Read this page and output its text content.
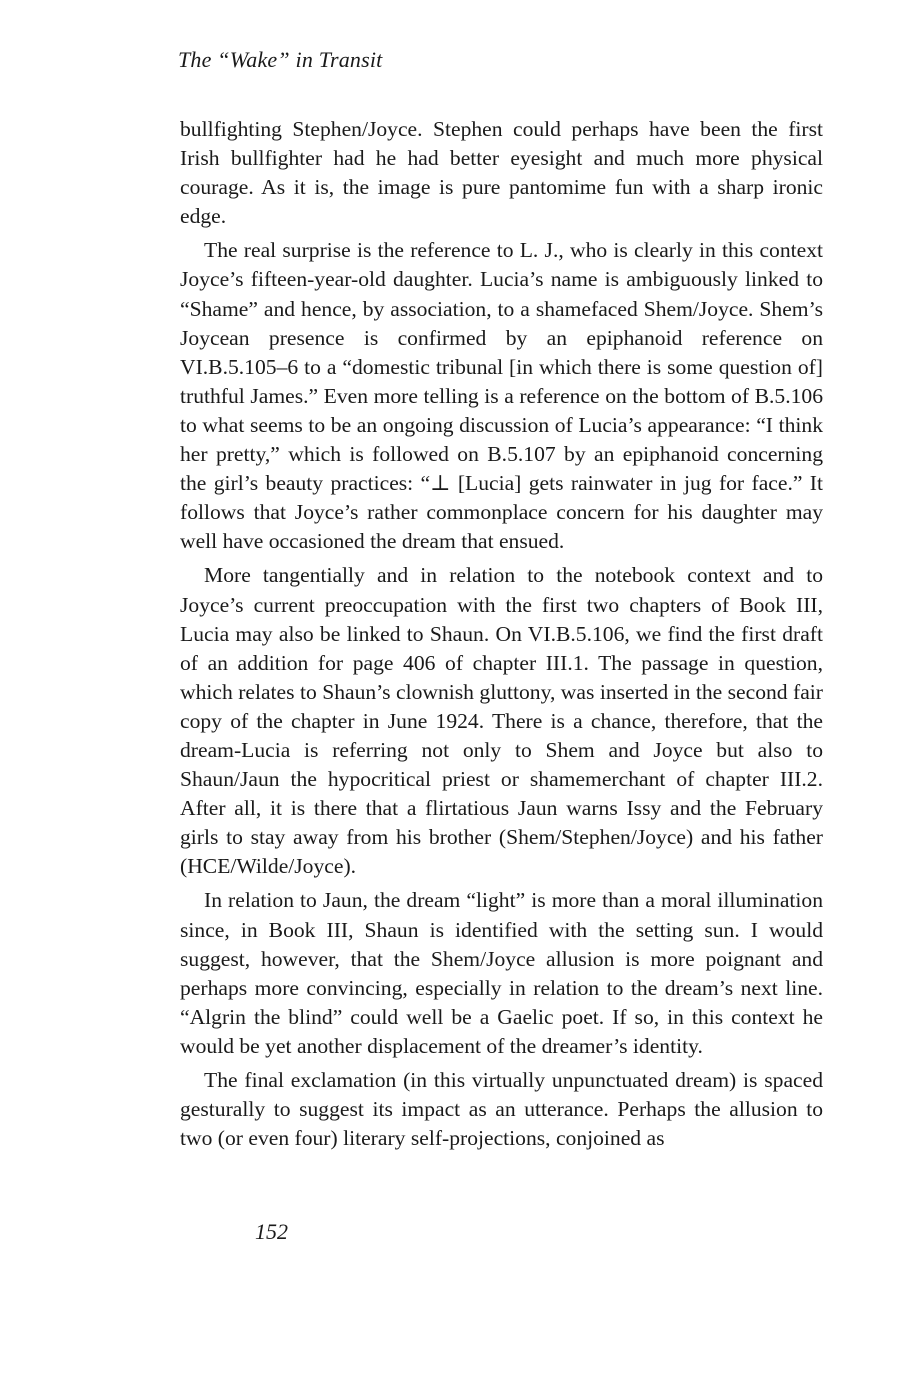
The “Wake” in Transit

bullfighting Stephen/Joyce. Stephen could perhaps have been the first Irish bullfighter had he had better eyesight and much more physical courage. As it is, the image is pure pantomime fun with a sharp ironic edge.

The real surprise is the reference to L. J., who is clearly in this context Joyce’s fifteen-year-old daughter. Lucia’s name is ambiguously linked to “Shame” and hence, by association, to a shamefaced Shem/Joyce. Shem’s Joycean presence is confirmed by an epiphanoid reference on VI.B.5.105–6 to a “domestic tribunal [in which there is some question of] truthful James.” Even more telling is a reference on the bottom of B.5.106 to what seems to be an ongoing discussion of Lucia’s appearance: “I think her pretty,” which is followed on B.5.107 by an epiphanoid concerning the girl’s beauty practices: “⊥ [Lucia] gets rainwater in jug for face.” It follows that Joyce’s rather commonplace concern for his daughter may well have occasioned the dream that ensued.

More tangentially and in relation to the notebook context and to Joyce’s current preoccupation with the first two chapters of Book III, Lucia may also be linked to Shaun. On VI.B.5.106, we find the first draft of an addition for page 406 of chapter III.1. The passage in question, which relates to Shaun’s clownish gluttony, was inserted in the second fair copy of the chapter in June 1924. There is a chance, therefore, that the dream-Lucia is referring not only to Shem and Joyce but also to Shaun/Jaun the hypocritical priest or shamemerchant of chapter III.2. After all, it is there that a flirtatious Jaun warns Issy and the February girls to stay away from his brother (Shem/Stephen/Joyce) and his father (HCE/Wilde/Joyce).

In relation to Jaun, the dream “light” is more than a moral illumination since, in Book III, Shaun is identified with the setting sun. I would suggest, however, that the Shem/Joyce allusion is more poignant and perhaps more convincing, especially in relation to the dream’s next line. “Algrin the blind” could well be a Gaelic poet. If so, in this context he would be yet another displacement of the dreamer’s identity.

The final exclamation (in this virtually unpunctuated dream) is spaced gesturally to suggest its impact as an utterance. Perhaps the allusion to two (or even four) literary self-projections, conjoined as

152
